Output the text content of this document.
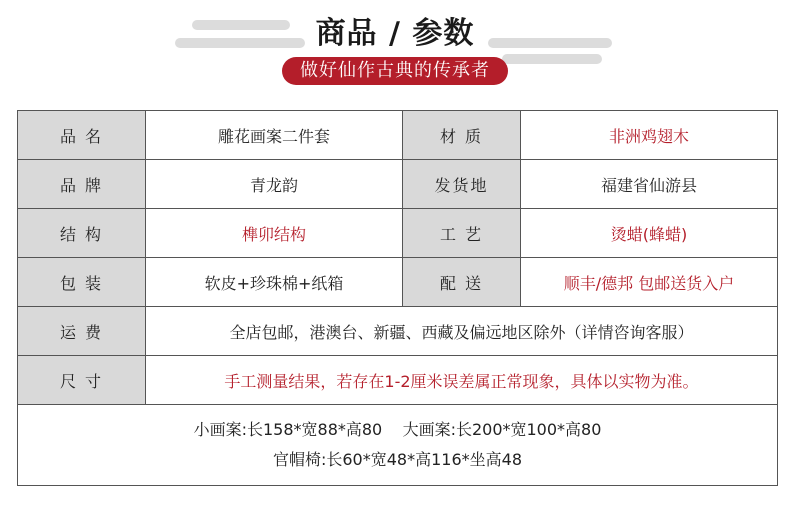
商品 / 参数
做好仙作古典的传承者
品 名	雕花画案二件套	材 质	非洲鸡翅木
品 牌	青龙韵	发货地	福建省仙游县
结 构	榫卯结构	工 艺	烫蜡(蜂蜡)
包 装	软皮+珍珠棉+纸箱	配 送	顺丰/德邦 包邮送货入户
运 费	全店包邮，港澳台、新疆、西藏及偏远地区除外（详情咨询客服）		
尺 寸	手工测量结果，若存在1-2厘米误差属正常现象，具体以实物为准。		

小画案:长158*宽88*高80    大画案:长200*宽100*高80
官帽椅:长60*宽48*高116*坐高48			
